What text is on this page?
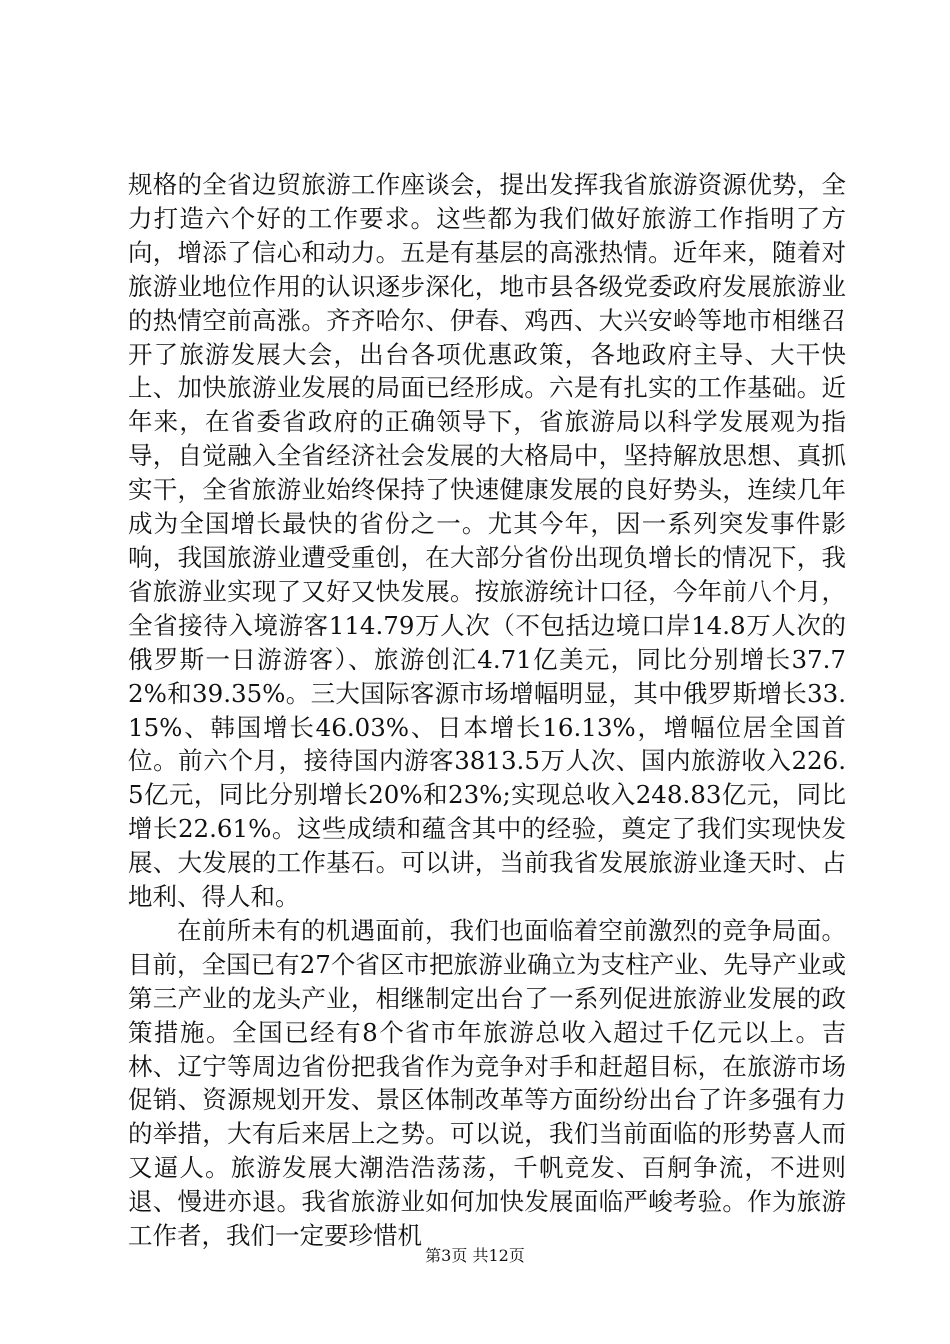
规格的全省边贸旅游工作座谈会，提出发挥我省旅游资源优势，全力打造六个好的工作要求。这些都为我们做好旅游工作指明了方向，增添了信心和动力。五是有基层的高涨热情。近年来，随着对旅游业地位作用的认识逐步深化，地市县各级党委政府发展旅游业的热情空前高涨。齐齐哈尔、伊春、鸡西、大兴安岭等地市相继召开了旅游发展大会，出台各项优惠政策，各地政府主导、大干快上、加快旅游业发展的局面已经形成。六是有扎实的工作基础。近年来，在省委省政府的正确领导下，省旅游局以科学发展观为指导，自觉融入全省经济社会发展的大格局中，坚持解放思想、真抓实干，全省旅游业始终保持了快速健康发展的良好势头，连续几年成为全国增长最快的省份之一。尤其今年，因一系列突发事件影响，我国旅游业遭受重创，在大部分省份出现负增长的情况下，我省旅游业实现了又好又快发展。按旅游统计口径，今年前八个月，全省接待入境游客114.79万人次（不包括边境口岸14.8万人次的俄罗斯一日游游客）、旅游创汇4.71亿美元，同比分别增长37.72%和39.35%。三大国际客源市场增幅明显，其中俄罗斯增长33.15%、韩国增长46.03%、日本增长16.13%，增幅位居全国首位。前六个月，接待国内游客3813.5万人次、国内旅游收入226.5亿元，同比分别增长20%和23%;实现总收入248.83亿元，同比增长22.61%。这些成绩和蕴含其中的经验，奠定了我们实现快发展、大发展的工作基石。可以讲，当前我省发展旅游业逢天时、占地利、得人和。

在前所未有的机遇面前，我们也面临着空前激烈的竞争局面。目前，全国已有27个省区市把旅游业确立为支柱产业、先导产业或第三产业的龙头产业，相继制定出台了一系列促进旅游业发展的政策措施。全国已经有8个省市年旅游总收入超过千亿元以上。吉林、辽宁等周边省份把我省作为竞争对手和赶超目标，在旅游市场促销、资源规划开发、景区体制改革等方面纷纷出台了许多强有力的举措，大有后来居上之势。可以说，我们当前面临的形势喜人而又逼人。旅游发展大潮浩浩荡荡，千帆竞发、百舸争流，不进则退、慢进亦退。我省旅游业如何加快发展面临严峻考验。作为旅游工作者，我们一定要珍惜机

第3页 共12页
